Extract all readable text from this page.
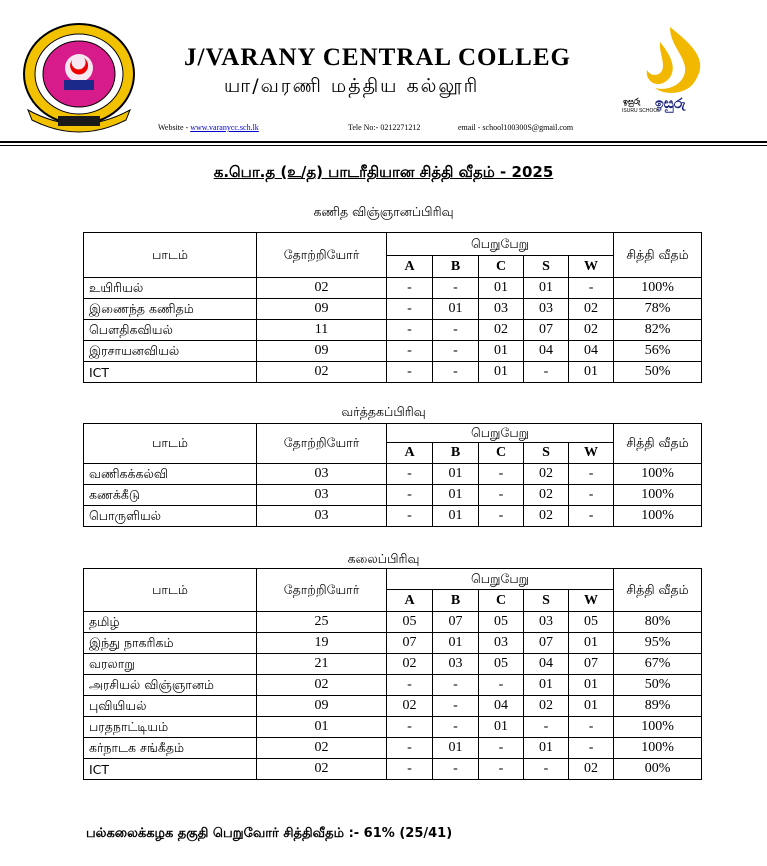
J/VARANY CENTRAL COLLEG
யா/வரணி மத்திய கல்லூரி
Website - www.varanycc.sch.lk	Tele No:- 0212271212	email - school100300S@gmail.com
ඉසුරු ඉසුරු
ISURU SCHOOL
க.பொ.த (உ/த) பாடரீதியான சித்தி வீதம் - 2025
கணித விஞ்ஞானப்பிரிவு
பாடம்	தோற்றியோர்	பெறுபேறு					சித்தி வீதம்
		A	B	C	S	W	
உயிரியல்	02	-	-	01	01	-	100%
இணைந்த கணிதம்	09	-	01	03	03	02	78%
பௌதிகவியல்	11	-	-	02	07	02	82%
இரசாயனவியல்	09	-	-	01	04	04	56%
ICT	02	-	-	01	-	01	50%
வர்த்தகப்பிரிவு
பாடம்	தோற்றியோர்	பெறுபேறு					சித்தி வீதம்
		A	B	C	S	W	
வணிகக்கல்வி	03	-	01	-	02	-	100%
கணக்கீடு	03	-	01	-	02	-	100%
பொருளியல்	03	-	01	-	02	-	100%
கலைப்பிரிவு
பாடம்	தோற்றியோர்	பெறுபேறு					சித்தி வீதம்
		A	B	C	S	W	
தமிழ்	25	05	07	05	03	05	80%
இந்து நாகரிகம்	19	07	01	03	07	01	95%
வரலாறு	21	02	03	05	04	07	67%
அரசியல் விஞ்ஞானம்	02	-	-	-	01	01	50%
புவியியல்	09	02	-	04	02	01	89%
பரதநாட்டியம்	01	-	-	01	-	-	100%
கர்நாடக சங்கீதம்	02	-	01	-	01	-	100%
ICT	02	-	-	-	-	02	00%
பல்கலைக்கழக தகுதி பெறுவோர் சித்திவீதம் :- 61% (25/41)
